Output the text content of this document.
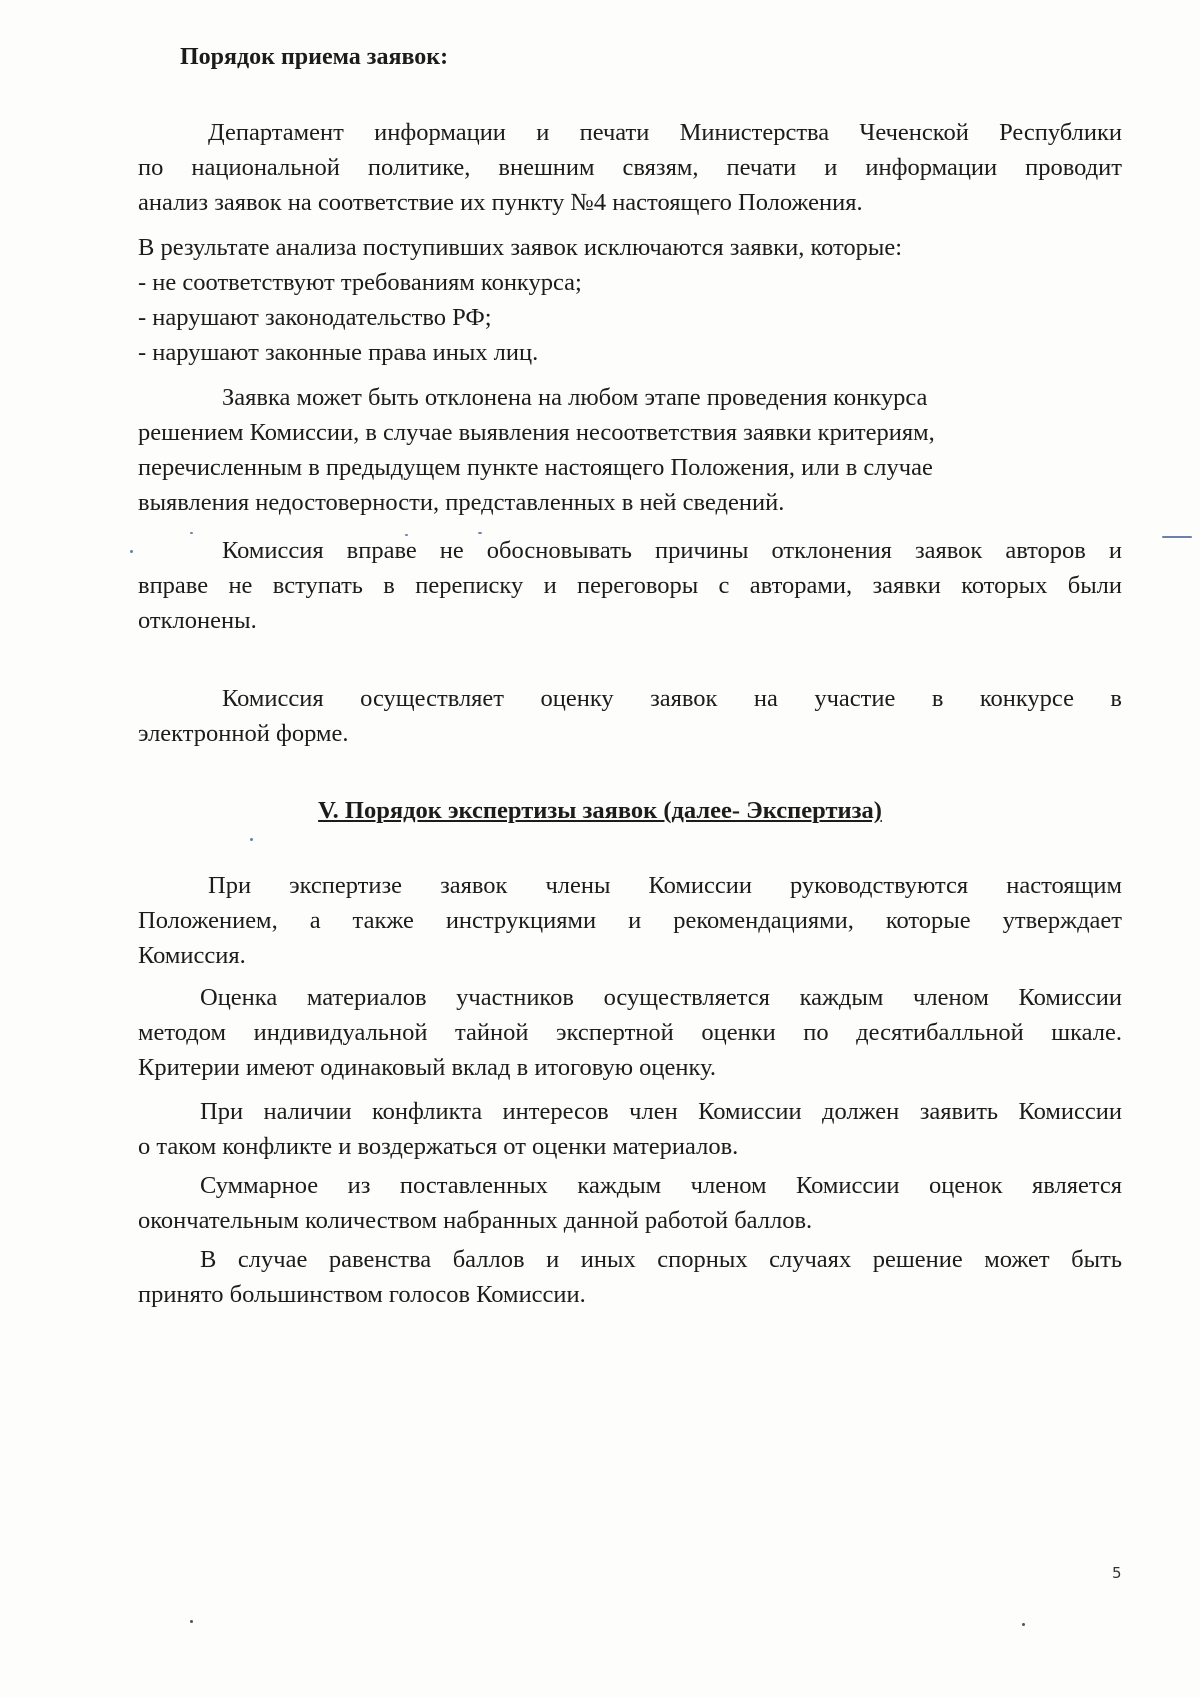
Порядок приема заявок:
Департамент информации и печати Министерства Чеченской Республики
по национальной политике, внешним связям, печати и информации проводит
анализ заявок на соответствие их пункту №4 настоящего Положения.
В результате анализа поступивших заявок исключаются заявки, которые:
- не соответствуют требованиям конкурса;
- нарушают законодательство РФ;
- нарушают законные права иных лиц.
Заявка может быть отклонена на любом этапе проведения конкурса
решением Комиссии, в случае выявления несоответствия заявки критериям,
перечисленным в предыдущем пункте настоящего Положения, или в случае
выявления недостоверности, представленных в ней сведений.
Комиссия вправе не обосновывать причины отклонения заявок авторов и
вправе не вступать в переписку и переговоры с авторами, заявки которых были
отклонены.
Комиссия осуществляет оценку заявок на участие в конкурсе в
электронной форме.
V. Порядок экспертизы заявок (далее- Экспертиза)
При экспертизе заявок члены Комиссии руководствуются настоящим
Положением, а также инструкциями и рекомендациями, которые утверждает
Комиссия.
Оценка материалов участников осуществляется каждым членом Комиссии
методом индивидуальной тайной экспертной оценки по десятибалльной шкале.
Критерии имеют одинаковый вклад в итоговую оценку.
При наличии конфликта интересов член Комиссии должен заявить Комиссии
о таком конфликте и воздержаться от оценки материалов.
Суммарное из поставленных каждым членом Комиссии оценок является
окончательным количеством набранных данной работой баллов.
В случае равенства баллов и иных спорных случаях решение может быть
принято большинством голосов Комиссии.
5
